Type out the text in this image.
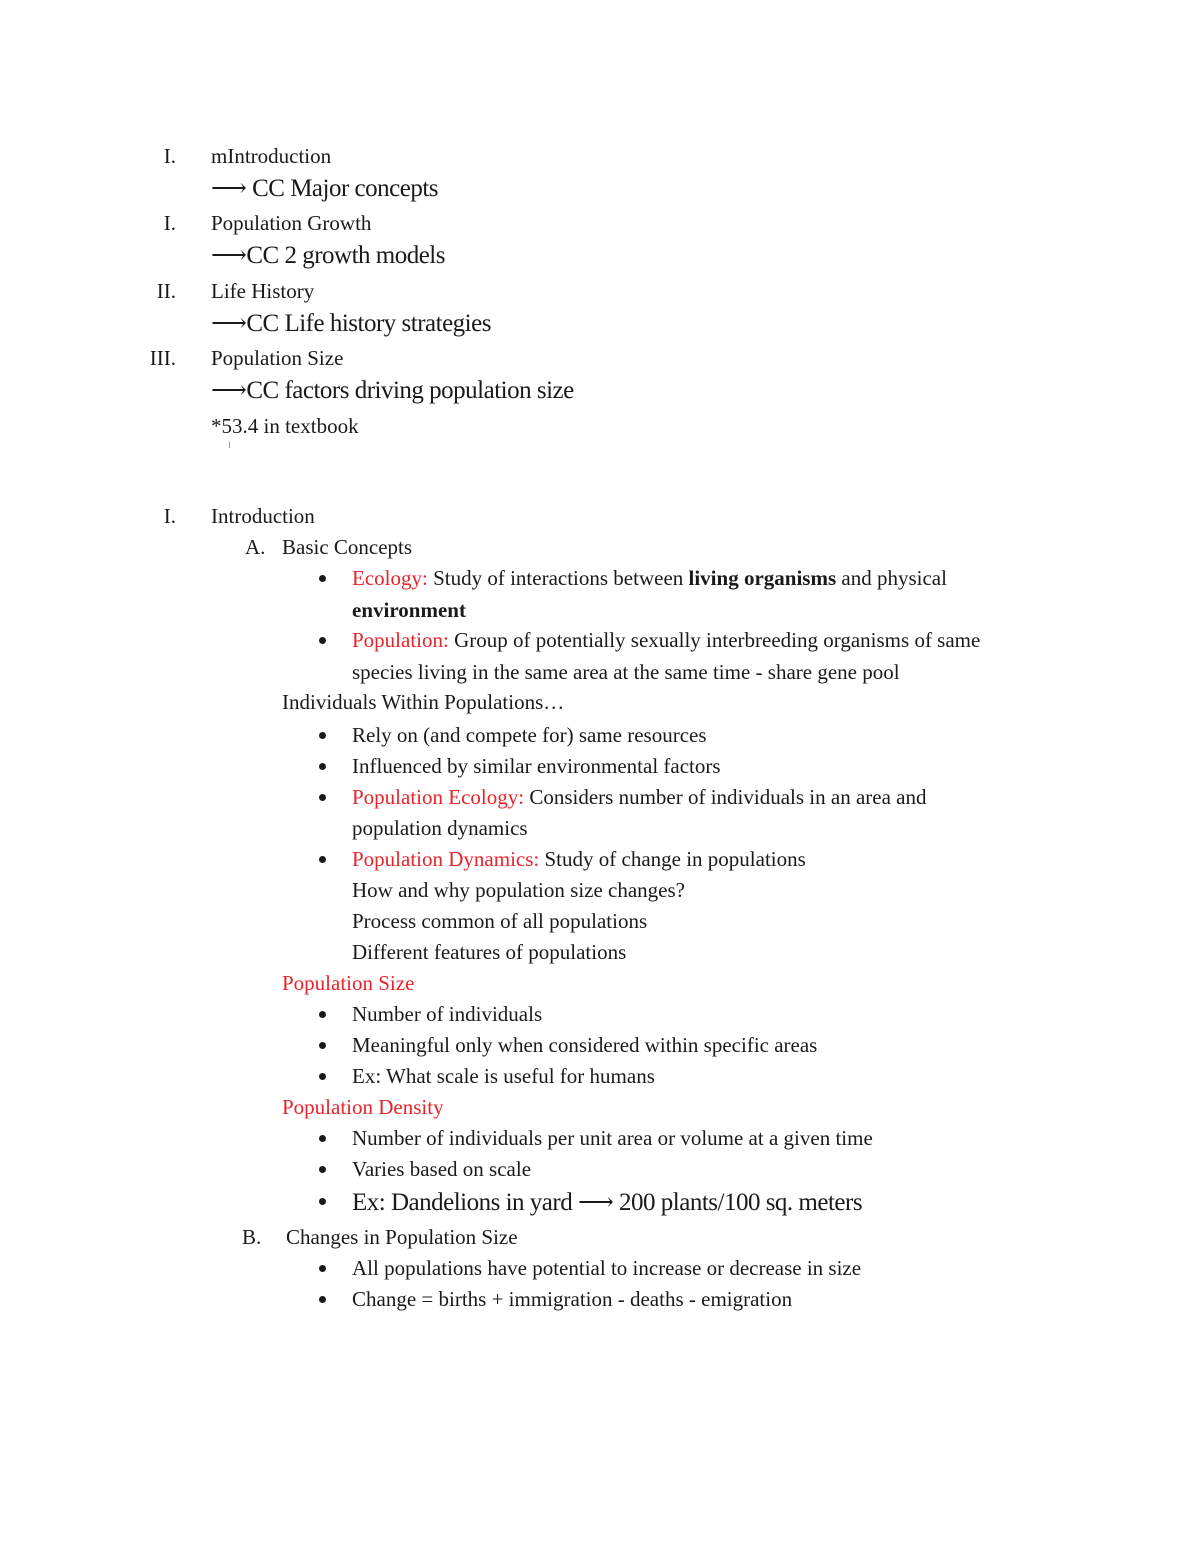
I. mIntroduction
⟶ CC Major concepts
I. Population Growth
⟶CC 2 growth models
II. Life History
⟶CC Life history strategies
III. Population Size
⟶CC factors driving population size
*53.4 in textbook
I. Introduction
A. Basic Concepts
Ecology: Study of interactions between living organisms and physical
environment
Population: Group of potentially sexually interbreeding organisms of same
species living in the same area at the same time - share gene pool
Individuals Within Populations…
Rely on (and compete for) same resources
Influenced by similar environmental factors
Population Ecology: Considers number of individuals in an area and
population dynamics
Population Dynamics: Study of change in populations
How and why population size changes?
Process common of all populations
Different features of populations
Population Size
Number of individuals
Meaningful only when considered within specific areas
Ex: What scale is useful for humans
Population Density
Number of individuals per unit area or volume at a given time
Varies based on scale
Ex: Dandelions in yard ⟶ 200 plants/100 sq. meters
B. Changes in Population Size
All populations have potential to increase or decrease in size
Change = births + immigration - deaths - emigration
